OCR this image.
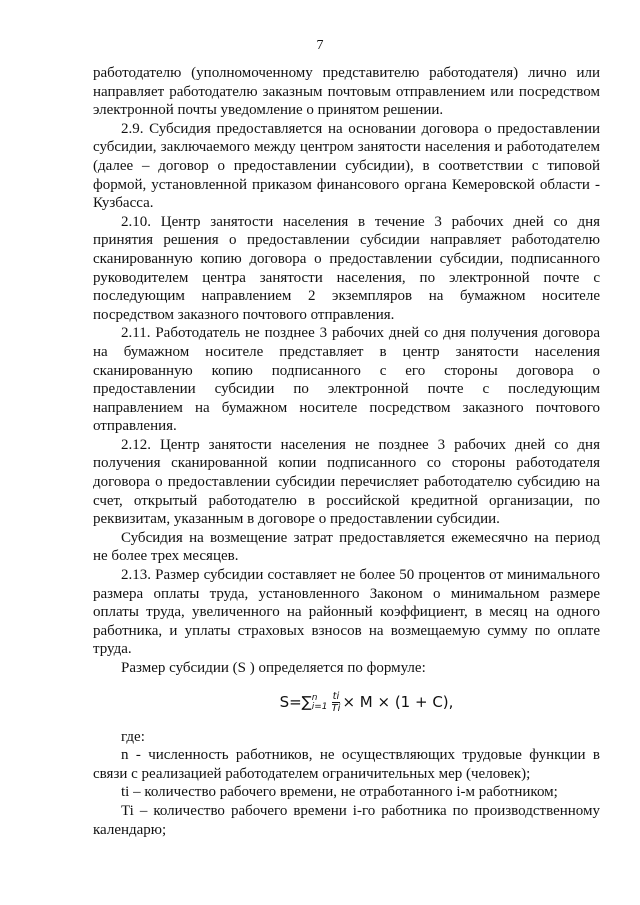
7

работодателю (уполномоченному представителю работодателя) лично или направляет работодателю заказным почтовым отправлением или посредством электронной почты уведомление о принятом решении.

2.9. Субсидия предоставляется на основании договора о предоставлении субсидии, заключаемого между центром занятости населения и работодателем (далее – договор о предоставлении субсидии), в соответствии с типовой формой, установленной приказом финансового органа Кемеровской области - Кузбасса.

2.10. Центр занятости населения в течение 3 рабочих дней со дня принятия решения о предоставлении субсидии направляет работодателю сканированную копию договора о предоставлении субсидии, подписанного руководителем центра занятости населения, по электронной почте с последующим направлением 2 экземпляров на бумажном носителе посредством заказного почтового отправления.

2.11. Работодатель не позднее 3 рабочих дней со дня получения договора на бумажном носителе представляет в центр занятости населения сканированную копию подписанного с его стороны договора о предоставлении субсидии по электронной почте с последующим направлением на бумажном носителе посредством заказного почтового отправления.

2.12. Центр занятости населения не позднее 3 рабочих дней со дня получения сканированной копии подписанного со стороны работодателя договора о предоставлении субсидии перечисляет работодателю субсидию на счет, открытый работодателю в российской кредитной организации, по реквизитам, указанным в договоре о предоставлении субсидии.

Субсидия на возмещение затрат предоставляется ежемесячно на период не более трех месяцев.

2.13. Размер субсидии составляет не более 50 процентов от минимального размера оплаты труда, установленного Законом о минимальном размере оплаты труда, увеличенного на районный коэффициент, в месяц на одного работника, и уплаты страховых взносов на возмещаемую сумму по оплате труда.

Размер субсидии (S ) определяется по формуле:

S= ∑ n
$i=1 \frac{ti}{Ti} \times M \times (1 + C)$,

где:

n - численность работников, не осуществляющих трудовые функции в связи с реализацией работодателем ограничительных мер (человек);

ti – количество рабочего времени, не отработанного i-м работником;

Ti – количество рабочего времени i-го работника по производственному календарю;
